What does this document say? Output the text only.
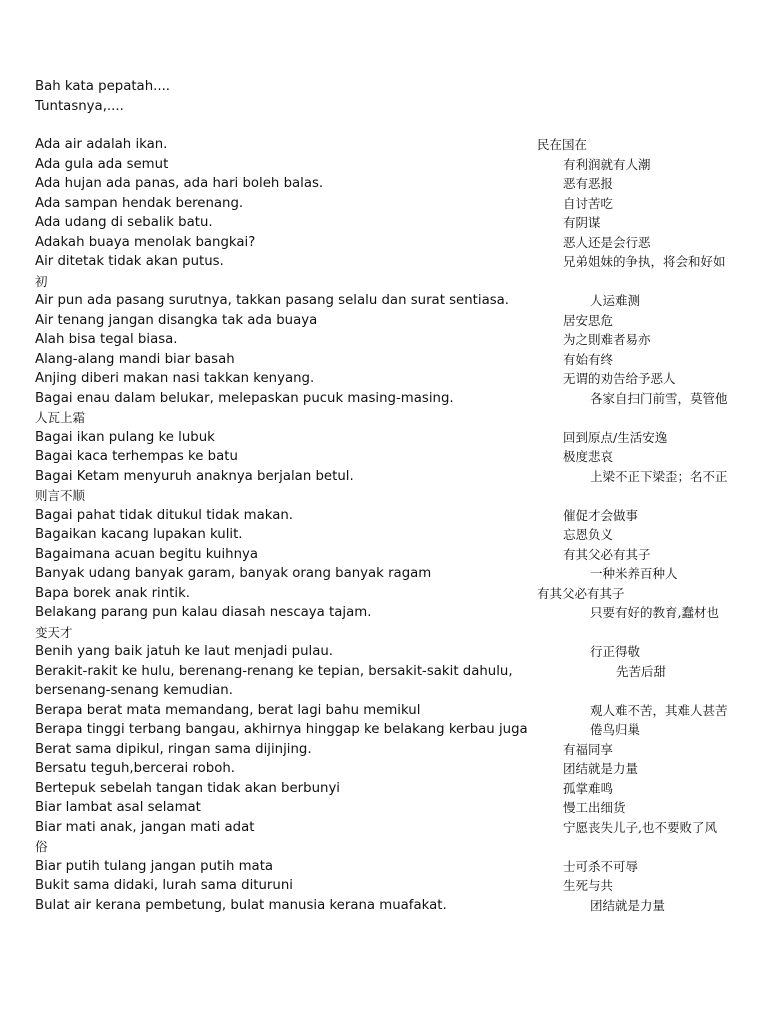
Bah kata pepatah....
Tuntasnya,....
Ada air adalah ikan.	民在国在
Ada gula ada semut	有利润就有人潮
Ada hujan ada panas, ada hari boleh balas.	恶有恶报
Ada sampan hendak berenang.	自讨苦吃
Ada udang di sebalik batu.	有阴谋
Adakah buaya menolak bangkai?	恶人还是会行恶
Air ditetak tidak akan putus.	兄弟姐妹的争执，将会和好如
初
Air pun ada pasang surutnya, takkan pasang selalu dan surat sentiasa.	人运难测
Air tenang jangan disangka tak ada buaya	居安思危
Alah bisa tegal biasa.	为之則难者易亦
Alang-alang mandi biar basah	有始有终
Anjing diberi makan nasi takkan kenyang.	无谓的劝告给予恶人
Bagai enau dalam belukar, melepaskan pucuk masing-masing.	各家自扫门前雪，莫管他
人瓦上霜
Bagai ikan pulang ke lubuk	回到原点/生活安逸
Bagai kaca terhempas ke batu	极度悲哀
Bagai Ketam menyuruh anaknya berjalan betul.	上梁不正下梁歪；名不正
则言不顺
Bagai pahat tidak ditukul tidak makan.	催促才会做事
Bagaikan kacang lupakan kulit.	忘恩负义
Bagaimana acuan begitu kuihnya	有其父必有其子
Banyak udang banyak garam, banyak orang banyak ragam	一种米养百种人
Bapa borek anak rintik.	有其父必有其子
Belakang parang pun kalau diasah nescaya tajam.	只要有好的教育,蠢材也
变天才
Benih yang baik jatuh ke laut menjadi pulau.	行正得敬
Berakit-rakit ke hulu, berenang-renang ke tepian, bersakit-sakit dahulu,	先苦后甜
bersenang-senang kemudian.
Berapa berat mata memandang, berat lagi bahu memikul	观人难不苦，其难人甚苦
Berapa tinggi terbang bangau, akhirnya hinggap ke belakang kerbau juga	倦鸟归巢
Berat sama dipikul, ringan sama dijinjing.	有福同享
Bersatu teguh,bercerai roboh.	团结就是力量
Bertepuk sebelah tangan tidak akan berbunyi	孤掌难鸣
Biar lambat asal selamat	慢工出细货
Biar mati anak, jangan mati adat	宁愿丧失儿子,也不要败了风
俗
Biar putih tulang jangan putih mata	士可杀不可辱
Bukit sama didaki, lurah sama dituruni	生死与共
Bulat air kerana pembetung, bulat manusia kerana muafakat.	团结就是力量
